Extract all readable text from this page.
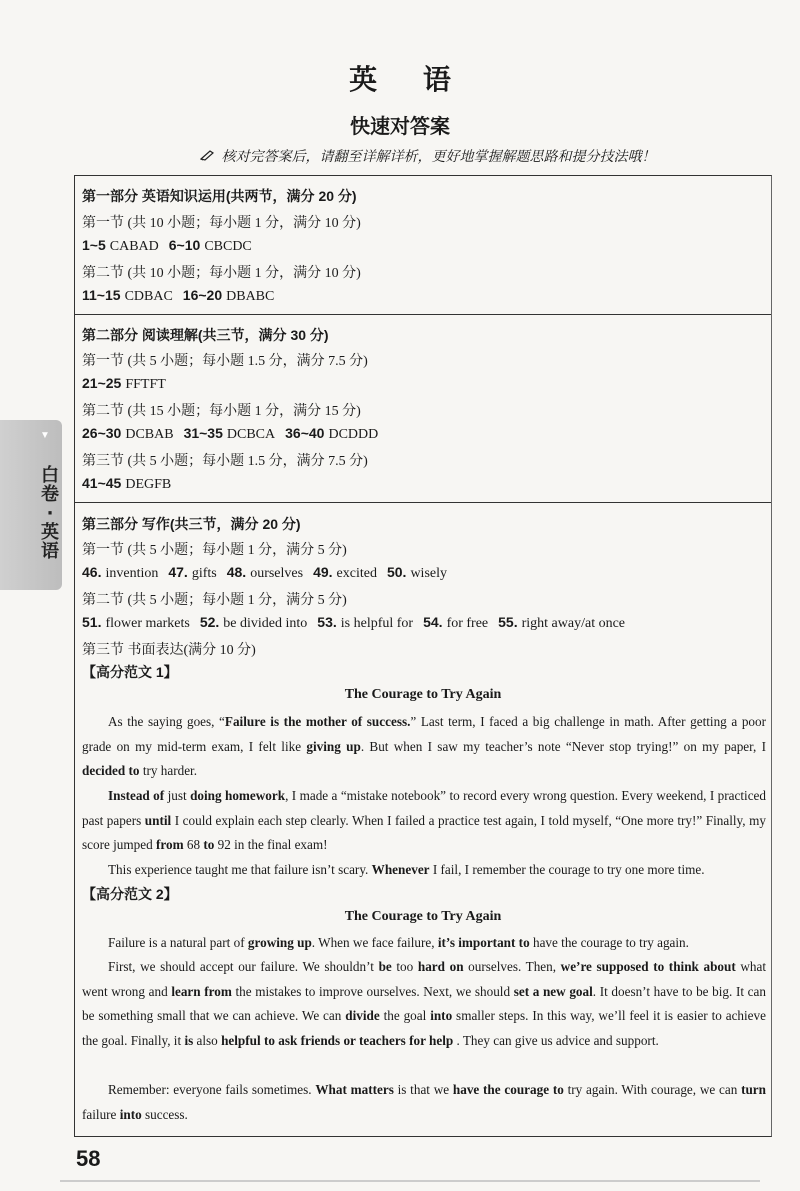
英 语
快速对答案
核对完答案后，请翻至详解详析，更好地掌握解题思路和提分技法哦！
▼
白卷·英语
第一部分 英语知识运用(共两节，满分 20 分)
第一节 (共 10 小题；每小题 1 分，满分 10 分)
1~5 CABAD 6~10 CBCDC
第二节 (共 10 小题；每小题 1 分，满分 10 分)
11~15 CDBAC 16~20 DBABC
第二部分 阅读理解(共三节，满分 30 分)
第一节 (共 5 小题；每小题 1.5 分，满分 7.5 分)
21~25 FFTFT
第二节 (共 15 小题；每小题 1 分，满分 15 分)
26~30 DCBAB 31~35 DCBCA 36~40 DCDDD
第三节 (共 5 小题；每小题 1.5 分，满分 7.5 分)
41~45 DEGFB
第三部分 写作(共三节，满分 20 分)
第一节 (共 5 小题；每小题 1 分，满分 5 分)
46. invention 47. gifts 48. ourselves 49. excited 50. wisely
第二节 (共 5 小题；每小题 1 分，满分 5 分)
51. flower markets 52. be divided into 53. is helpful for 54. for free 55. right away/at once
第三节 书面表达(满分 10 分)
【高分范文 1】
The Courage to Try Again
As the saying goes, “Failure is the mother of success.” Last term, I faced a big challenge in math. After getting a poor grade on my mid-term exam, I felt like giving up. But when I saw my teacher’s note “Never stop trying!” on my paper, I decided to try harder.
Instead of just doing homework, I made a “mistake notebook” to record every wrong question. Every weekend, I practiced past papers until I could explain each step clearly. When I failed a practice test again, I told myself, “One more try!” Finally, my score jumped from 68 to 92 in the final exam!
This experience taught me that failure isn’t scary. Whenever I fail, I remember the courage to try one more time.
【高分范文 2】
The Courage to Try Again
Failure is a natural part of growing up. When we face failure, it’s important to have the courage to try again.
First, we should accept our failure. We shouldn’t be too hard on ourselves. Then, we’re supposed to think about what went wrong and learn from the mistakes to improve ourselves. Next, we should set a new goal. It doesn’t have to be big. It can be something small that we can achieve. We can divide the goal into smaller steps. In this way, we’ll feel it is easier to achieve the goal. Finally, it is also helpful to ask friends or teachers for help . They can give us advice and support.
Remember: everyone fails sometimes. What matters is that we have the courage to try again. With courage, we can turn failure into success.
58
